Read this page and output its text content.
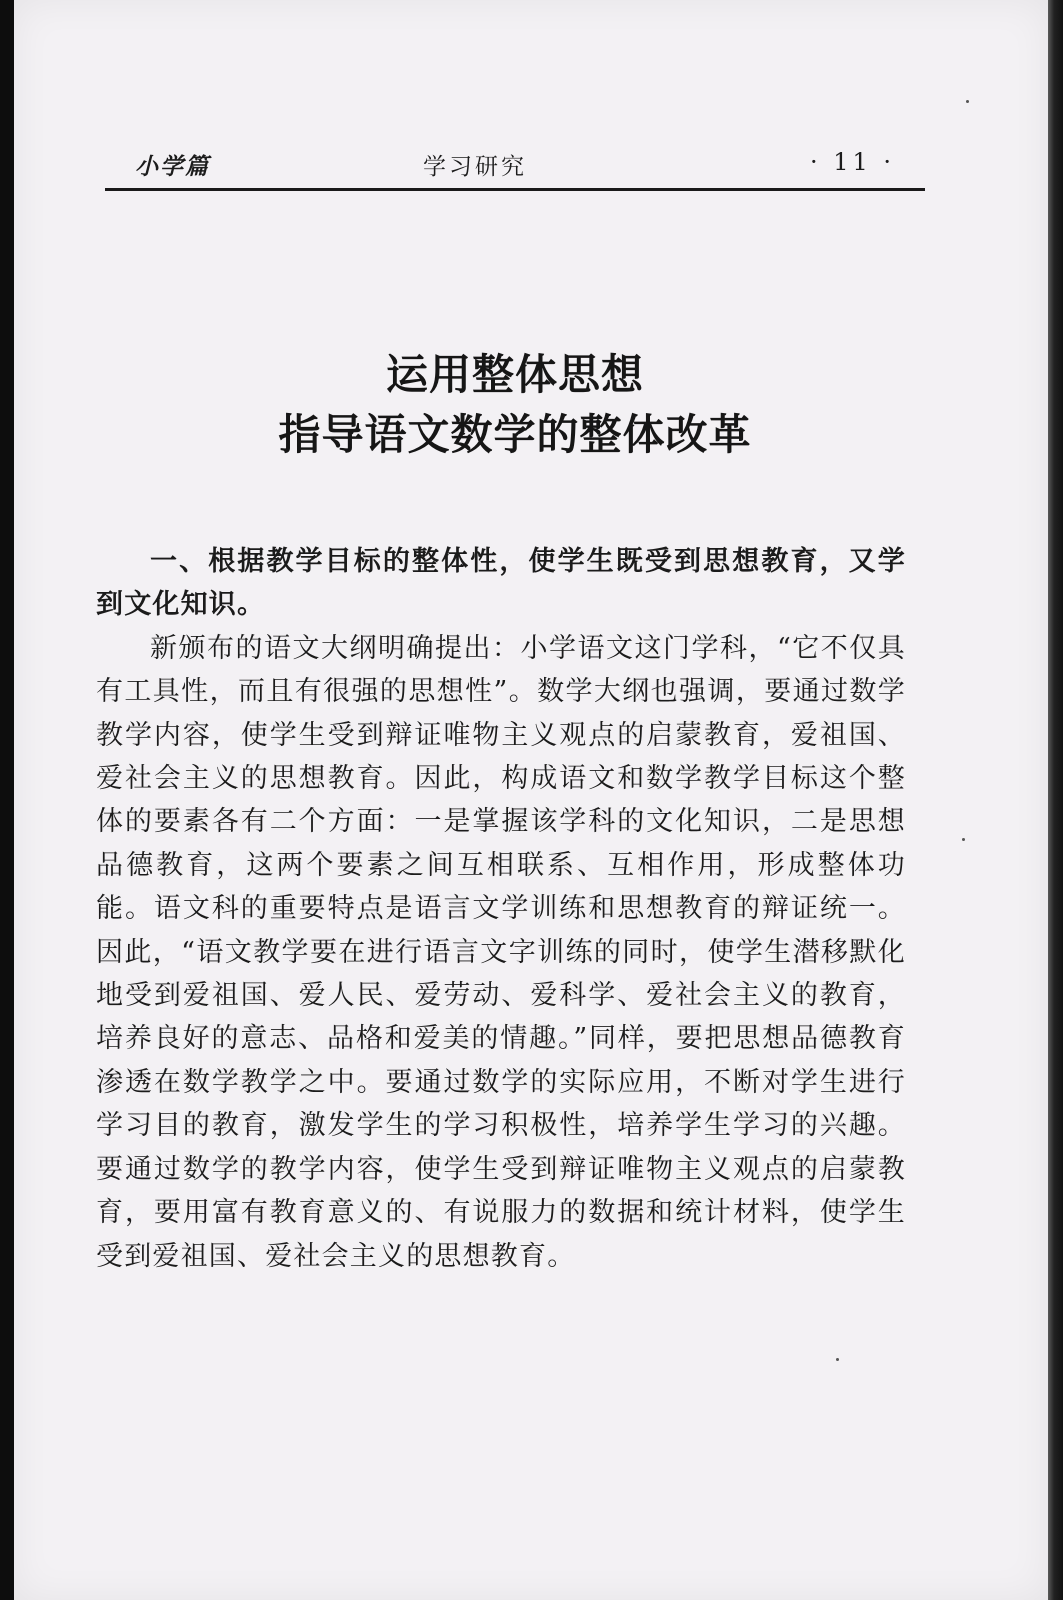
小学篇	学习研究	· 11 ·
运用整体思想
指导语文数学的整体改革

一、根据教学目标的整体性，使学生既受到思想教育，又学到文化知识。

新颁布的语文大纲明确提出：小学语文这门学科，“它不仅具有工具性，而且有很强的思想性”。数学大纲也强调，要通过数学教学内容，使学生受到辩证唯物主义观点的启蒙教育，爱祖国、爱社会主义的思想教育。因此，构成语文和数学教学目标这个整体的要素各有二个方面：一是掌握该学科的文化知识，二是思想品德教育，这两个要素之间互相联系、互相作用，形成整体功能。语文科的重要特点是语言文学训练和思想教育的辩证统一。因此，“语文教学要在进行语言文字训练的同时，使学生潜移默化地受到爱祖国、爱人民、爱劳动、爱科学、爱社会主义的教育，培养良好的意志、品格和爱美的情趣。”同样，要把思想品德教育渗透在数学教学之中。要通过数学的实际应用，不断对学生进行学习目的教育，激发学生的学习积极性，培养学生学习的兴趣。要通过数学的教学内容，使学生受到辩证唯物主义观点的启蒙教育，要用富有教育意义的、有说服力的数据和统计材料，使学生受到爱祖国、爱社会主义的思想教育。
